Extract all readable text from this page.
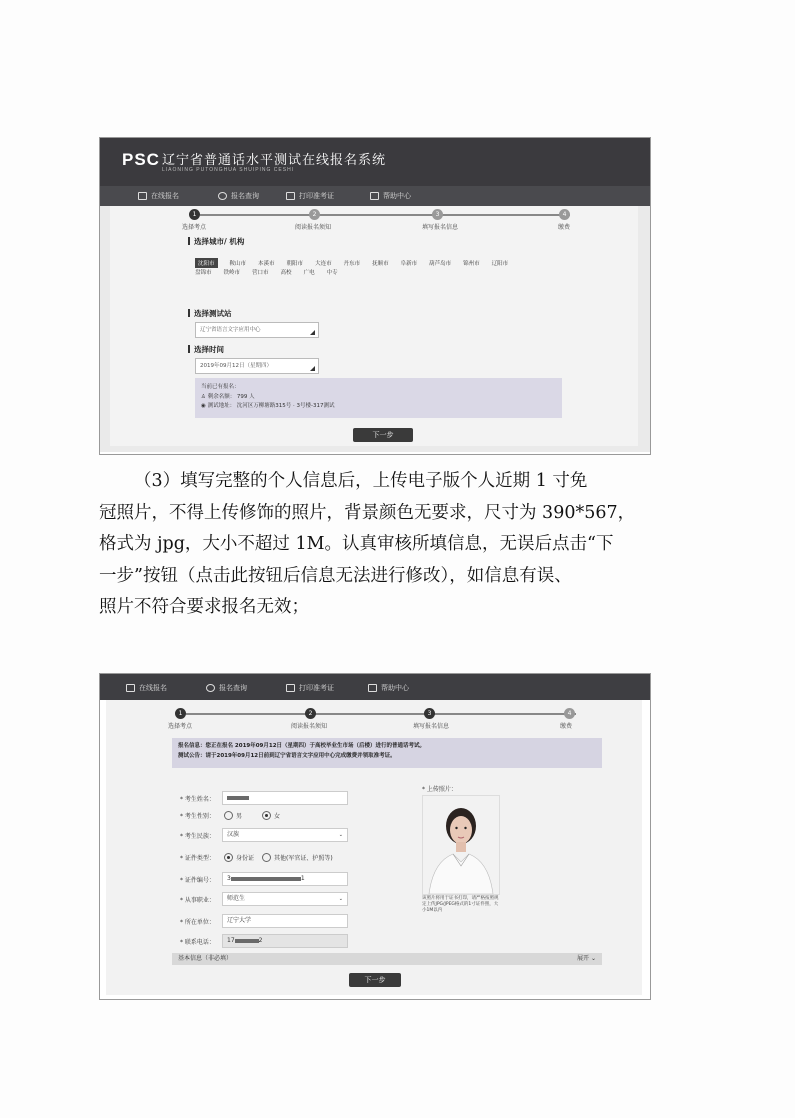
PSC 辽宁省普通话水平测试在线报名系统
LIAONING PUTONGHUA SHUIPING CESHI
在线报名	报名查询	打印准考证	帮助中心
1	2	3	4
选择考点	阅读报名须知	填写报名信息	缴费
选择测试站
选择城市/ 机构
沈阳市	鞍山市 本溪市 朝阳市 大连市 丹东市 抚顺市 阜新市 葫芦岛市 锦州市 辽阳市
盘锦市 铁岭市 营口市 高校 广电 中专
辽宁省语言文字应用中心
选择时间
2019年09月12日（星期四）
当前已有报名：
♙ 剩余名额： 799 人
◉ 测试地址： 沈河区万柳塘路315号 · 3号楼-317测试
下一步
（3）填写完整的个人信息后，上传电子版个人近期 1 寸免
冠照片，不得上传修饰的照片，背景颜色无要求，尺寸为 390*567，
格式为 jpg，大小不超过 1M。认真审核所填信息，无误后点击“下
一步”按钮（点击此按钮后信息无法进行修改），如信息有误、
照片不符合要求报名无效；
在线报名	报名查询	打印准考证	帮助中心
1	2	3	4
选择考点	阅读报名须知	填写报名信息	缴费
报名信息：您正在报名 2019年09月12日（星期四）于高校毕业生市场（后楼）进行的普通话考试。
测试公告：请于2019年09月12日前到辽宁省语言文字应用中心完成缴费并领取准考证。
* 考生姓名：
* 考生性别：	男	女
* 考生民族：	汉族	⌄
* 证件类型：	身份证	其他(军官证、护照等)
* 证件编号：	3	1
* 从事职业：	师范生	⌄
* 所在单位：	辽宁大学
* 联系电话：	17	2
* 上传照片：
该照片将用于证书打印，请严格按照规定上传JPG/JPEG格式的1寸证件照，大小1M以内
基本信息（非必填）	展开 ⌄
下一步
